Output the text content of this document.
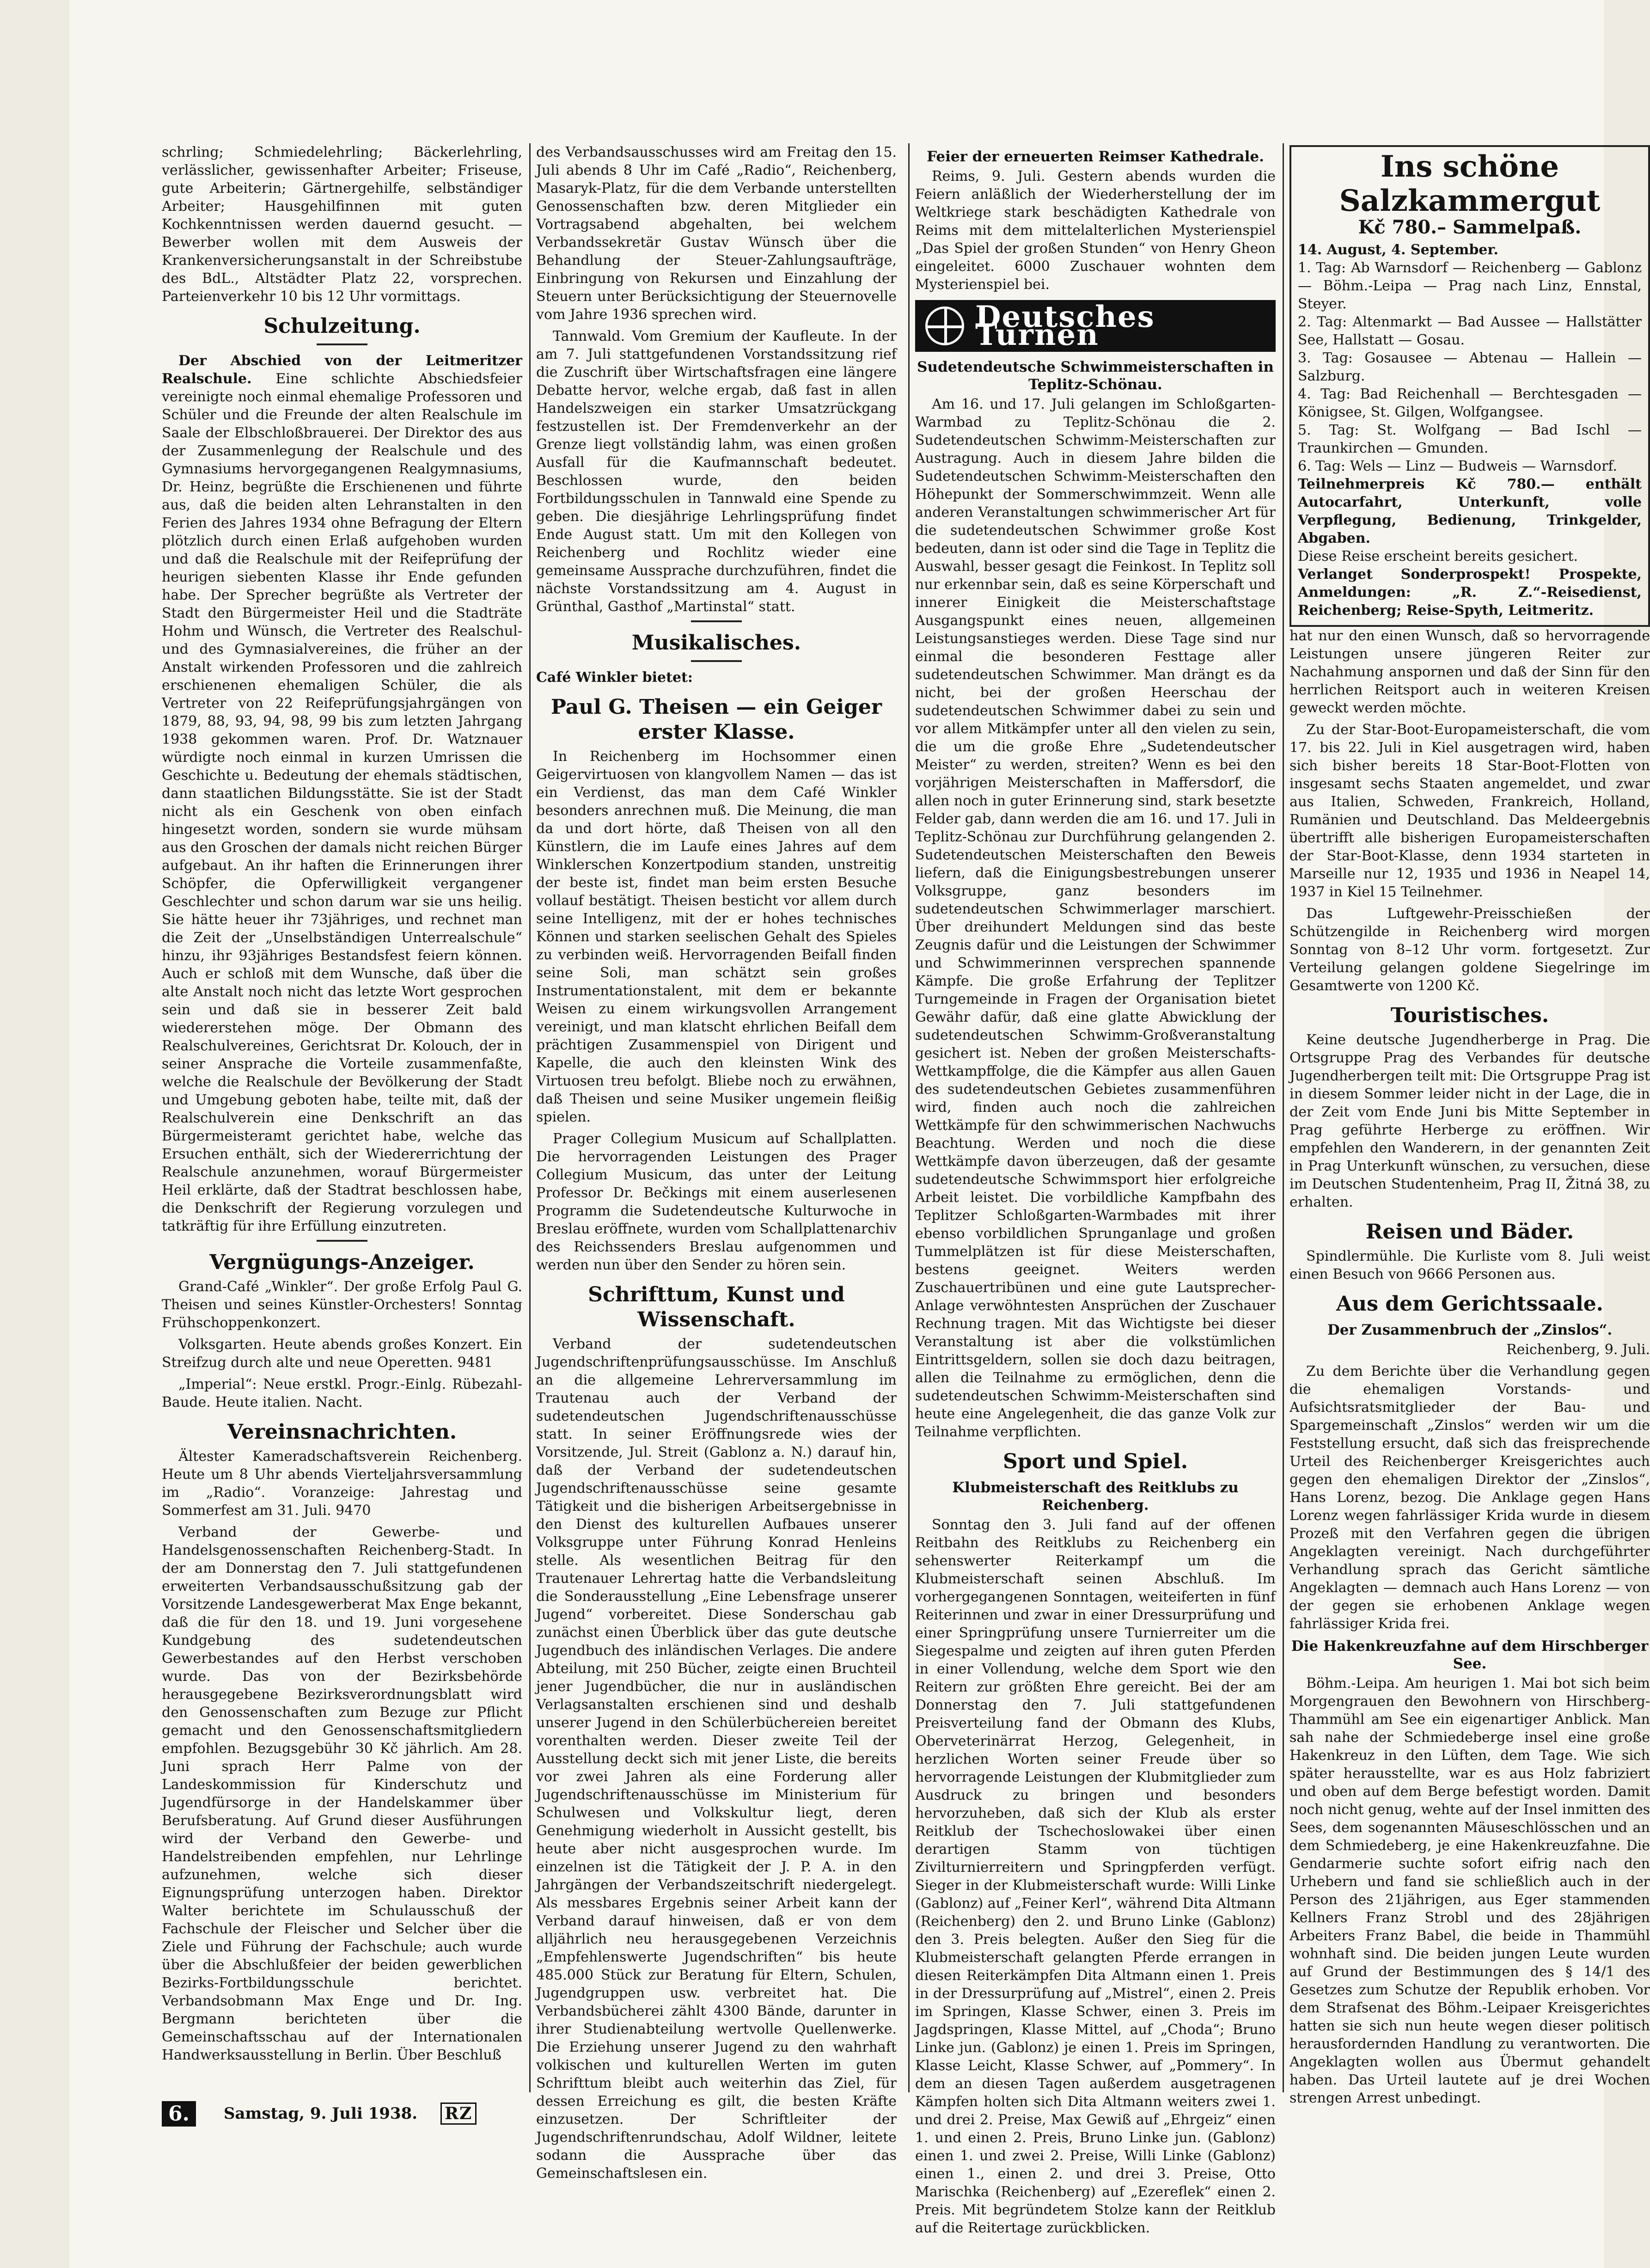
schrling; Schmiedelehrling; Bäckerlehrling, verlässlicher, gewissenhafter Arbeiter; Friseuse, gute Arbeiterin; Gärtnergehilfe, selbständiger Arbeiter; Hausgehilfinnen mit guten Kochkenntnissen werden dauernd gesucht. — Bewerber wollen mit dem Ausweis der Krankenversicherungsanstalt in der Schreibstube des BdL., Altstädter Platz 22, vorsprechen. Parteienverkehr 10 bis 12 Uhr vormittags.

Schulzeitung.

Der Abschied von der Leitmeritzer Realschule. Eine schlichte Abschiedsfeier vereinigte noch einmal ehemalige Professoren und Schüler und die Freunde der alten Realschule im Saale der Elbschloßbrauerei. Der Direktor des aus der Zusammenlegung der Realschule und des Gymnasiums hervorgegangenen Realgymnasiums, Dr. Heinz, begrüßte die Erschienenen und führte aus, daß die beiden alten Lehranstalten in den Ferien des Jahres 1934 ohne Befragung der Eltern plötzlich durch einen Erlaß aufgehoben wurden und daß die Realschule mit der Reifeprüfung der heurigen siebenten Klasse ihr Ende gefunden habe. Der Sprecher begrüßte als Vertreter der Stadt den Bürgermeister Heil und die Stadträte Hohm und Wünsch, die Vertreter des Realschul- und des Gymnasialvereines, die früher an der Anstalt wirkenden Professoren und die zahlreich erschienenen ehemaligen Schüler, die als Vertreter von 22 Reifeprüfungsjahrgängen von 1879, 88, 93, 94, 98, 99 bis zum letzten Jahrgang 1938 gekommen waren. Prof. Dr. Watznauer würdigte noch einmal in kurzen Umrissen die Geschichte u. Bedeutung der ehemals städtischen, dann staatlichen Bildungsstätte. Sie ist der Stadt nicht als ein Geschenk von oben einfach hingesetzt worden, sondern sie wurde mühsam aus den Groschen der damals nicht reichen Bürger aufgebaut. An ihr haften die Erinnerungen ihrer Schöpfer, die Opferwilligkeit vergangener Geschlechter und schon darum war sie uns heilig. Sie hätte heuer ihr 73jähriges, und rechnet man die Zeit der „Unselbständigen Unterrealschule“ hinzu, ihr 93jähriges Bestandsfest feiern können. Auch er schloß mit dem Wunsche, daß über die alte Anstalt noch nicht das letzte Wort gesprochen sein und daß sie in besserer Zeit bald wiedererstehen möge. Der Obmann des Realschulvereines, Gerichtsrat Dr. Kolouch, der in seiner Ansprache die Vorteile zusammenfaßte, welche die Realschule der Bevölkerung der Stadt und Umgebung geboten habe, teilte mit, daß der Realschulverein eine Denkschrift an das Bürgermeisteramt gerichtet habe, welche das Ersuchen enthält, sich der Wiedererrichtung der Realschule anzunehmen, worauf Bürgermeister Heil erklärte, daß der Stadtrat beschlossen habe, die Denkschrift der Regierung vorzulegen und tatkräftig für ihre Erfüllung einzutreten.

Vergnügungs-Anzeiger.

Grand-Café „Winkler“. Der große Erfolg Paul G. Theisen und seines Künstler-Orchesters! Sonntag Frühschoppenkonzert.

Volksgarten. Heute abends großes Konzert. Ein Streifzug durch alte und neue Operetten. 9481

„Imperial“: Neue erstkl. Progr.-Einlg. Rübezahl-Baude. Heute italien. Nacht.

Vereinsnachrichten.

Ältester Kameradschaftsverein Reichenberg. Heute um 8 Uhr abends Vierteljahrsversammlung im „Radio“. Voranzeige: Jahrestag und Sommerfest am 31. Juli. 9470

Verband der Gewerbe- und Handelsgenossenschaften Reichenberg-Stadt. In der am Donnerstag den 7. Juli stattgefundenen erweiterten Verbandsausschußsitzung gab der Vorsitzende Landesgewerberat Max Enge bekannt, daß die für den 18. und 19. Juni vorgesehene Kundgebung des sudetendeutschen Gewerbestandes auf den Herbst verschoben wurde. Das von der Bezirksbehörde herausgegebene Bezirksverordnungsblatt wird den Genossenschaften zum Bezuge zur Pflicht gemacht und den Genossenschaftsmitgliedern empfohlen. Bezugsgebühr 30 Kč jährlich. Am 28. Juni sprach Herr Palme von der Landeskommission für Kinderschutz und Jugendfürsorge in der Handelskammer über Berufsberatung. Auf Grund dieser Ausführungen wird der Verband den Gewerbe- und Handelstreibenden empfehlen, nur Lehrlinge aufzunehmen, welche sich dieser Eignungsprüfung unterzogen haben. Direktor Walter berichtete im Schulausschuß der Fachschule der Fleischer und Selcher über die Ziele und Führung der Fachschule; auch wurde über die Abschlußfeier der beiden gewerblichen Bezirks-Fortbildungsschule berichtet. Verbandsobmann Max Enge und Dr. Ing. Bergmann berichteten über die Gemeinschaftsschau auf der Internationalen Handwerksausstellung in Berlin. Über Beschluß

des Verbandsausschusses wird am Freitag den 15. Juli abends 8 Uhr im Café „Radio“, Reichenberg, Masaryk-Platz, für die dem Verbande unterstellten Genossenschaften bzw. deren Mitglieder ein Vortragsabend abgehalten, bei welchem Verbandssekretär Gustav Wünsch über die Behandlung der Steuer-Zahlungsaufträge, Einbringung von Rekursen und Einzahlung der Steuern unter Berücksichtigung der Steuernovelle vom Jahre 1936 sprechen wird.

Tannwald. Vom Gremium der Kaufleute. In der am 7. Juli stattgefundenen Vorstandssitzung rief die Zuschrift über Wirtschaftsfragen eine längere Debatte hervor, welche ergab, daß fast in allen Handelszweigen ein starker Umsatzrückgang festzustellen ist. Der Fremdenverkehr an der Grenze liegt vollständig lahm, was einen großen Ausfall für die Kaufmannschaft bedeutet. Beschlossen wurde, den beiden Fortbildungsschulen in Tannwald eine Spende zu geben. Die diesjährige Lehrlingsprüfung findet Ende August statt. Um mit den Kollegen von Reichenberg und Rochlitz wieder eine gemeinsame Aussprache durchzuführen, findet die nächste Vorstandssitzung am 4. August in Grünthal, Gasthof „Martinstal“ statt.

Musikalisches.

Café Winkler bietet:

Paul G. Theisen — ein Geiger erster Klasse.

In Reichenberg im Hochsommer einen Geigervirtuosen von klangvollem Namen — das ist ein Verdienst, das man dem Café Winkler besonders anrechnen muß. Die Meinung, die man da und dort hörte, daß Theisen von all den Künstlern, die im Laufe eines Jahres auf dem Winklerschen Konzertpodium standen, unstreitig der beste ist, findet man beim ersten Besuche vollauf bestätigt. Theisen besticht vor allem durch seine Intelligenz, mit der er hohes technisches Können und starken seelischen Gehalt des Spieles zu verbinden weiß. Hervorragenden Beifall finden seine Soli, man schätzt sein großes Instrumentationstalent, mit dem er bekannte Weisen zu einem wirkungsvollen Arrangement vereinigt, und man klatscht ehrlichen Beifall dem prächtigen Zusammenspiel von Dirigent und Kapelle, die auch den kleinsten Wink des Virtuosen treu befolgt. Bliebe noch zu erwähnen, daß Theisen und seine Musiker ungemein fleißig spielen.

Prager Collegium Musicum auf Schallplatten. Die hervorragenden Leistungen des Prager Collegium Musicum, das unter der Leitung Professor Dr. Bečkings mit einem auserlesenen Programm die Sudetendeutsche Kulturwoche in Breslau eröffnete, wurden vom Schallplattenarchiv des Reichssenders Breslau aufgenommen und werden nun über den Sender zu hören sein.

Schrifttum, Kunst und Wissenschaft.

Verband der sudetendeutschen Jugendschriftenprüfungsausschüsse. Im Anschluß an die allgemeine Lehrerversammlung im Trautenau auch der Verband der sudetendeutschen Jugendschriftenausschüsse statt. In seiner Eröffnungsrede wies der Vorsitzende, Jul. Streit (Gablonz a. N.) darauf hin, daß der Verband der sudetendeutschen Jugendschriftenausschüsse seine gesamte Tätigkeit und die bisherigen Arbeitsergebnisse in den Dienst des kulturellen Aufbaues unserer Volksgruppe unter Führung Konrad Henleins stelle. Als wesentlichen Beitrag für den Trautenauer Lehrertag hatte die Verbandsleitung die Sonderausstellung „Eine Lebensfrage unserer Jugend“ vorbereitet. Diese Sonderschau gab zunächst einen Überblick über das gute deutsche Jugendbuch des inländischen Verlages. Die andere Abteilung, mit 250 Bücher, zeigte einen Bruchteil jener Jugendbücher, die nur in ausländischen Verlagsanstalten erschienen sind und deshalb unserer Jugend in den Schülerbüchereien bereitet vorenthalten werden. Dieser zweite Teil der Ausstellung deckt sich mit jener Liste, die bereits vor zwei Jahren als eine Forderung aller Jugendschriftenausschüsse im Ministerium für Schulwesen und Volkskultur liegt, deren Genehmigung wiederholt in Aussicht gestellt, bis heute aber nicht ausgesprochen wurde. Im einzelnen ist die Tätigkeit der J. P. A. in den Jahrgängen der Verbandszeitschrift niedergelegt. Als messbares Ergebnis seiner Arbeit kann der Verband darauf hinweisen, daß er von dem alljährlich neu herausgegebenen Verzeichnis „Empfehlenswerte Jugendschriften“ bis heute 485.000 Stück zur Beratung für Eltern, Schulen, Jugendgruppen usw. verbreitet hat. Die Verbandsbücherei zählt 4300 Bände, darunter in ihrer Studienabteilung wertvolle Quellenwerke. Die Erziehung unserer Jugend zu den wahrhaft volkischen und kulturellen Werten im guten Schrifttum bleibt auch weiterhin das Ziel, für dessen Erreichung es gilt, die besten Kräfte einzusetzen. Der Schriftleiter der Jugendschriftenrundschau, Adolf Wildner, leitete sodann die Aussprache über das Gemeinschaftslesen ein.

Feier der erneuerten Reimser Kathedrale.

Reims, 9. Juli. Gestern abends wurden die Feiern anläßlich der Wiederherstellung der im Weltkriege stark beschädigten Kathedrale von Reims mit dem mittelalterlichen Mysterienspiel „Das Spiel der großen Stunden“ von Henry Gheon eingeleitet. 6000 Zuschauer wohnten dem Mysterienspiel bei.

Deutsches Turnen
Sudetendeutsche Schwimmeisterschaften in Teplitz-Schönau.

Am 16. und 17. Juli gelangen im Schloßgarten-Warmbad zu Teplitz-Schönau die 2. Sudetendeutschen Schwimm-Meisterschaften zur Austragung. Auch in diesem Jahre bilden die Sudetendeutschen Schwimm-Meisterschaften den Höhepunkt der Sommerschwimmzeit. Wenn alle anderen Veranstaltungen schwimmerischer Art für die sudetendeutschen Schwimmer große Kost bedeuten, dann ist oder sind die Tage in Teplitz die Auswahl, besser gesagt die Feinkost. In Teplitz soll nur erkennbar sein, daß es seine Körperschaft und innerer Einigkeit die Meisterschaftstage Ausgangspunkt eines neuen, allgemeinen Leistungsanstieges werden. Diese Tage sind nur einmal die besonderen Festtage aller sudetendeutschen Schwimmer. Man drängt es da nicht, bei der großen Heerschau der sudetendeutschen Schwimmer dabei zu sein und vor allem Mitkämpfer unter all den vielen zu sein, die um die große Ehre „Sudetendeutscher Meister“ zu werden, streiten? Wenn es bei den vorjährigen Meisterschaften in Maffersdorf, die allen noch in guter Erinnerung sind, stark besetzte Felder gab, dann werden die am 16. und 17. Juli in Teplitz-Schönau zur Durchführung gelangenden 2. Sudetendeutschen Meisterschaften den Beweis liefern, daß die Einigungsbestrebungen unserer Volksgruppe, ganz besonders im sudetendeutschen Schwimmerlager marschiert. Über dreihundert Meldungen sind das beste Zeugnis dafür und die Leistungen der Schwimmer und Schwimmerinnen versprechen spannende Kämpfe. Die große Erfahrung der Teplitzer Turngemeinde in Fragen der Organisation bietet Gewähr dafür, daß eine glatte Abwicklung der sudetendeutschen Schwimm-Großveranstaltung gesichert ist. Neben der großen Meisterschafts-Wettkampffolge, die die Kämpfer aus allen Gauen des sudetendeutschen Gebietes zusammenführen wird, finden auch noch die zahlreichen Wettkämpfe für den schwimmerischen Nachwuchs Beachtung. Werden und noch die diese Wettkämpfe davon überzeugen, daß der gesamte sudetendeutsche Schwimmsport hier erfolgreiche Arbeit leistet. Die vorbildliche Kampfbahn des Teplitzer Schloßgarten-Warmbades mit ihrer ebenso vorbildlichen Sprunganlage und großen Tummelplätzen ist für diese Meisterschaften, bestens geeignet. Weiters werden Zuschauertribünen und eine gute Lautsprecher-Anlage verwöhntesten Ansprüchen der Zuschauer Rechnung tragen. Mit das Wichtigste bei dieser Veranstaltung ist aber die volkstümlichen Eintrittsgeldern, sollen sie doch dazu beitragen, allen die Teilnahme zu ermöglichen, denn die sudetendeutschen Schwimm-Meisterschaften sind heute eine Angelegenheit, die das ganze Volk zur Teilnahme verpflichten.

Sport und Spiel.
Klubmeisterschaft des Reitklubs zu Reichenberg.

Sonntag den 3. Juli fand auf der offenen Reitbahn des Reitklubs zu Reichenberg ein sehenswerter Reiterkampf um die Klubmeisterschaft seinen Abschluß. Im vorhergegangenen Sonntagen, weiteiferten in fünf Reiterinnen und zwar in einer Dressurprüfung und einer Springprüfung unsere Turnierreiter um die Siegespalme und zeigten auf ihren guten Pferden in einer Vollendung, welche dem Sport wie den Reitern zur größten Ehre gereicht. Bei der am Donnerstag den 7. Juli stattgefundenen Preisverteilung fand der Obmann des Klubs, Oberveterinärrat Herzog, Gelegenheit, in herzlichen Worten seiner Freude über so hervorragende Leistungen der Klubmitglieder zum Ausdruck zu bringen und besonders hervorzuheben, daß sich der Klub als erster Reitklub der Tschechoslowakei über einen derartigen Stamm von tüchtigen Zivilturnierreitern und Springpferden verfügt. Sieger in der Klubmeisterschaft wurde: Willi Linke (Gablonz) auf „Feiner Kerl“, während Dita Altmann (Reichenberg) den 2. und Bruno Linke (Gablonz) den 3. Preis belegten. Außer den Sieg für die Klubmeisterschaft gelangten Pferde errangen in diesen Reiterkämpfen Dita Altmann einen 1. Preis in der Dressurprüfung auf „Mistrel“, einen 2. Preis im Springen, Klasse Schwer, einen 3. Preis im Jagdspringen, Klasse Mittel, auf „Choda“; Bruno Linke jun. (Gablonz) je einen 1. Preis im Springen, Klasse Leicht, Klasse Schwer, auf „Pommery“. In dem an diesen Tagen außerdem ausgetragenen Kämpfen holten sich Dita Altmann weiters zwei 1. und drei 2. Preise, Max Gewiß auf „Ehrgeiz“ einen 1. und einen 2. Preis, Bruno Linke jun. (Gablonz) einen 1. und zwei 2. Preise, Willi Linke (Gablonz) einen 1., einen 2. und drei 3. Preise, Otto Marischka (Reichenberg) auf „Ezereflek“ einen 2. Preis. Mit begründetem Stolze kann der Reitklub auf die Reitertage zurückblicken.

Ins schöne Salzkammergut
Kč 780.– Sammelpaß.

14. August, 4. September.

1. Tag: Ab Warnsdorf — Reichenberg — Gablonz — Böhm.-Leipa — Prag nach Linz, Ennstal, Steyer.

2. Tag: Altenmarkt — Bad Aussee — Hallstätter See, Hallstatt — Gosau.

3. Tag: Gosausee — Abtenau — Hallein — Salzburg.

4. Tag: Bad Reichenhall — Berchtesgaden — Königsee, St. Gilgen, Wolfgangsee.

5. Tag: St. Wolfgang — Bad Ischl — Traunkirchen — Gmunden.

6. Tag: Wels — Linz — Budweis — Warnsdorf.

Teilnehmerpreis Kč 780.— enthält Autocarfahrt, Unterkunft, volle Verpflegung, Bedienung, Trinkgelder, Abgaben.

Diese Reise erscheint bereits gesichert.

Verlanget Sonderprospekt! Prospekte, Anmeldungen: „R. Z.“-Reisedienst, Reichenberg; Reise-Spyth, Leitmeritz.

hat nur den einen Wunsch, daß so hervorragende Leistungen unsere jüngeren Reiter zur Nachahmung anspornen und daß der Sinn für den herrlichen Reitsport auch in weiteren Kreisen geweckt werden möchte.

Zu der Star-Boot-Europameisterschaft, die vom 17. bis 22. Juli in Kiel ausgetragen wird, haben sich bisher bereits 18 Star-Boot-Flotten von insgesamt sechs Staaten angemeldet, und zwar aus Italien, Schweden, Frankreich, Holland, Rumänien und Deutschland. Das Meldeergebnis übertrifft alle bisherigen Europameisterschaften der Star-Boot-Klasse, denn 1934 starteten in Marseille nur 12, 1935 und 1936 in Neapel 14, 1937 in Kiel 15 Teilnehmer.

Das Luftgewehr-Preisschießen der Schützengilde in Reichenberg wird morgen Sonntag von 8–12 Uhr vorm. fortgesetzt. Zur Verteilung gelangen goldene Siegelringe im Gesamtwerte von 1200 Kč.

Touristisches.

Keine deutsche Jugendherberge in Prag. Die Ortsgruppe Prag des Verbandes für deutsche Jugendherbergen teilt mit: Die Ortsgruppe Prag ist in diesem Sommer leider nicht in der Lage, die in der Zeit vom Ende Juni bis Mitte September in Prag geführte Herberge zu eröffnen. Wir empfehlen den Wanderern, in der genannten Zeit in Prag Unterkunft wünschen, zu versuchen, diese im Deutschen Studentenheim, Prag II, Žitná 38, zu erhalten.

Reisen und Bäder.

Spindlermühle. Die Kurliste vom 8. Juli weist einen Besuch von 9666 Personen aus.

Aus dem Gerichtssaale.
Der Zusammenbruch der „Zinslos“.

Reichenberg, 9. Juli.

Zu dem Berichte über die Verhandlung gegen die ehemaligen Vorstands- und Aufsichtsratsmitglieder der Bau- und Spargemeinschaft „Zinslos“ werden wir um die Feststellung ersucht, daß sich das freisprechende Urteil des Reichenberger Kreisgerichtes auch gegen den ehemaligen Direktor der „Zinslos“, Hans Lorenz, bezog. Die Anklage gegen Hans Lorenz wegen fahrlässiger Krida wurde in diesem Prozeß mit den Verfahren gegen die übrigen Angeklagten vereinigt. Nach durchgeführter Verhandlung sprach das Gericht sämtliche Angeklagten — demnach auch Hans Lorenz — von der gegen sie erhobenen Anklage wegen fahrlässiger Krida frei.

Die Hakenkreuzfahne auf dem Hirschberger See.

Böhm.-Leipa. Am heurigen 1. Mai bot sich beim Morgengrauen den Bewohnern von Hirschberg-Thammühl am See ein eigenartiger Anblick. Man sah nahe der Schmiedeberge insel eine große Hakenkreuz in den Lüften, dem Tage. Wie sich später herausstellte, war es aus Holz fabriziert und oben auf dem Berge befestigt worden. Damit noch nicht genug, wehte auf der Insel inmitten des Sees, dem sogenannten Mäuseschlösschen und an dem Schmiedeberg, je eine Hakenkreuzfahne. Die Gendarmerie suchte sofort eifrig nach den Urhebern und fand sie schließlich auch in der Person des 21jährigen, aus Eger stammenden Kellners Franz Strobl und des 28jährigen Arbeiters Franz Babel, die beide in Thammühl wohnhaft sind. Die beiden jungen Leute wurden auf Grund der Bestimmungen des § 14/1 des Gesetzes zum Schutze der Republik erhoben. Vor dem Strafsenat des Böhm.-Leipaer Kreisgerichtes hatten sie sich nun heute wegen dieser politisch herausfordernden Handlung zu verantworten. Die Angeklagten wollen aus Übermut gehandelt haben. Das Urteil lautete auf je drei Wochen strengen Arrest unbedingt.

6.	Samstag, 9. Juli 1938. RZ
